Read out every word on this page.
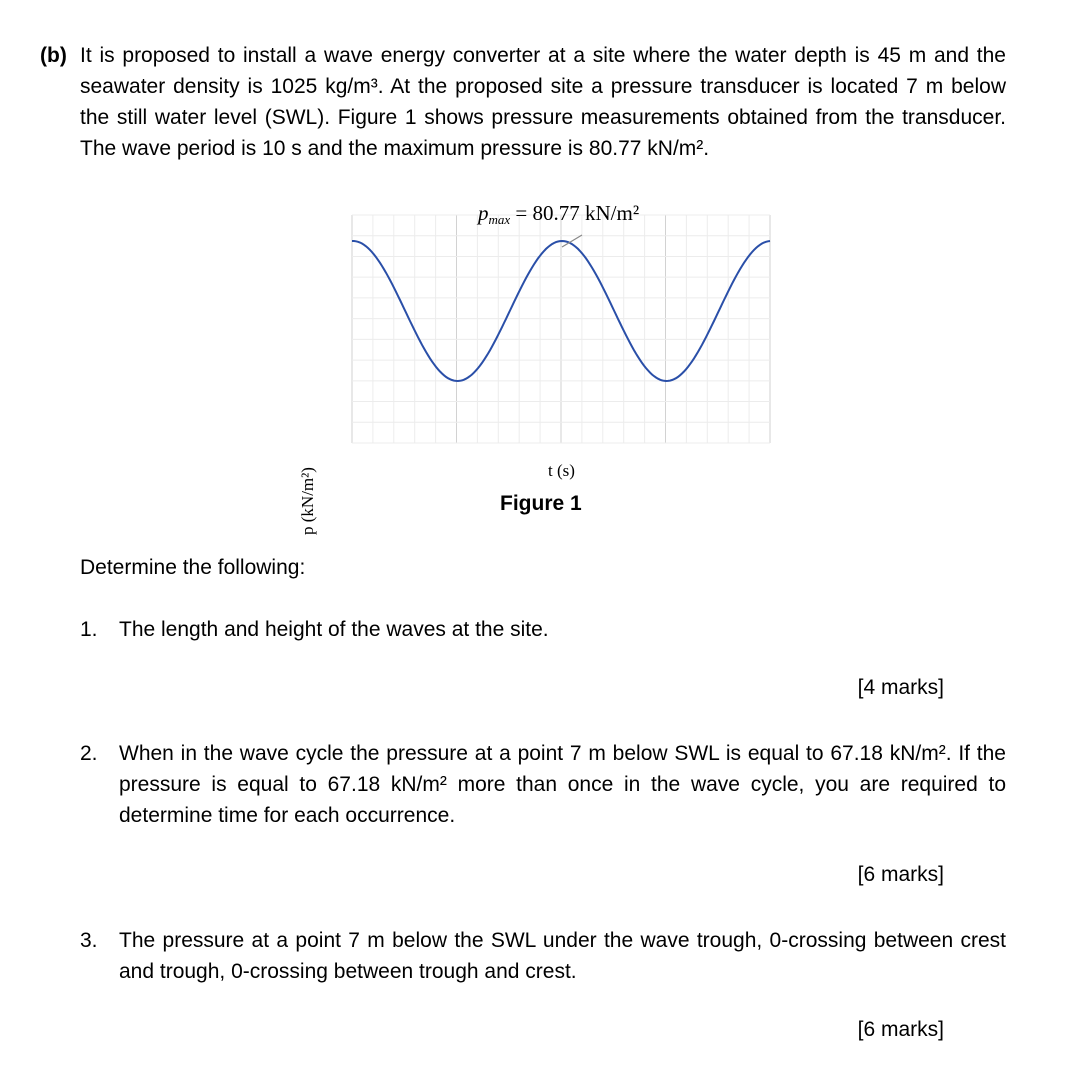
(b) It is proposed to install a wave energy converter at a site where the water depth is 45 m and the seawater density is 1025 kg/m³. At the proposed site a pressure transducer is located 7 m below the still water level (SWL). Figure 1 shows pressure measurements obtained from the transducer. The wave period is 10 s and the maximum pressure is 80.77 kN/m².
pmax = 80.77 kN/m²
p (kN/m²)	t (s)
Figure 1
Determine the following:
1. The length and height of the waves at the site.
[4 marks]
2. When in the wave cycle the pressure at a point 7 m below SWL is equal to 67.18 kN/m². If the pressure is equal to 67.18 kN/m² more than once in the wave cycle, you are required to determine time for each occurrence.
[6 marks]
3. The pressure at a point 7 m below the SWL under the wave trough, 0-crossing between crest and trough, 0-crossing between trough and crest.
[6 marks]
